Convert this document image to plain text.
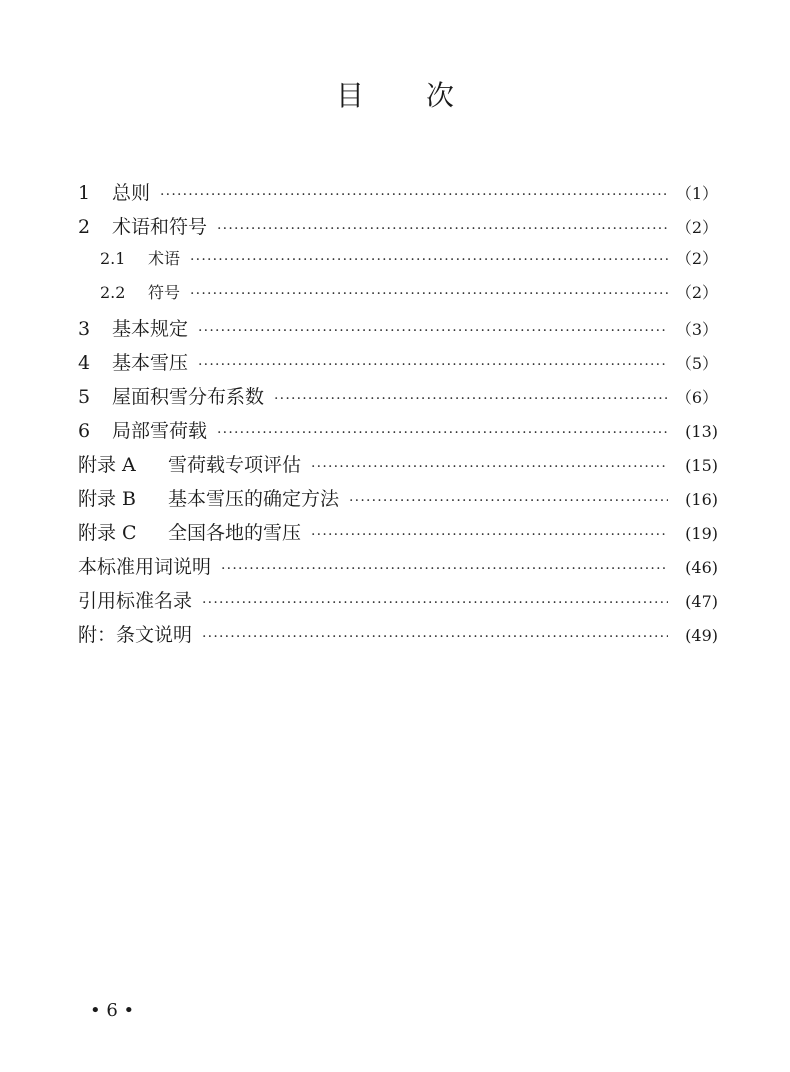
目 次
1	总则 ·····	（1）
2	术语和符号 ·····	（2）
2.1	术语 ·····	（2）
2.2	符号 ·····	（2）
3	基本规定 ·····	（3）
4	基本雪压 ·····	（5）
5	屋面积雪分布系数 ·····	（6）
6	局部雪荷载 ·····	(13)
附录 A	雪荷载专项评估 ·····	(15)
附录 B	基本雪压的确定方法 ·····	(16)
附录 C	全国各地的雪压 ·····	(19)
本标准用词说明 ·····	(46)
引用标准名录 ·····	(47)
附：条文说明 ·····	(49)
• 6 •
